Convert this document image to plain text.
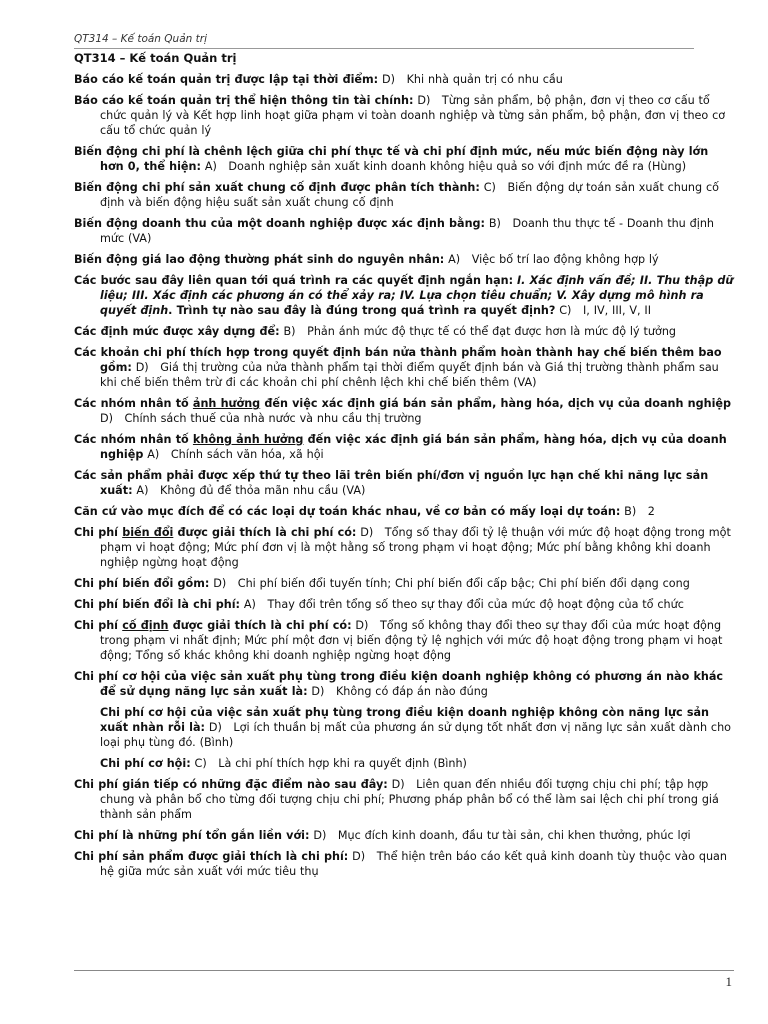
QT314 – Kế toán Quản trị
QT314 – Kế toán Quản trị

Báo cáo kế toán quản trị được lập tại thời điểm: D)   Khi nhà quản trị có nhu cầu

Báo cáo kế toán quản trị thể hiện thông tin tài chính: D)   Từng sản phẩm, bộ phận, đơn vị theo cơ cấu tổ chức quản lý và Kết hợp linh hoạt giữa phạm vi toàn doanh nghiệp và từng sản phẩm, bộ phận, đơn vị theo cơ cấu tổ chức quản lý

Biến động chi phí là chênh lệch giữa chi phí thực tế và chi phí định mức, nếu mức biến động này lớn hơn 0, thể hiện: A)   Doanh nghiệp sản xuất kinh doanh không hiệu quả so với định mức đề ra (Hùng)

Biến động chi phí sản xuất chung cố định được phân tích thành: C)   Biến động dự toán sản xuất chung cố định và biến động hiệu suất sản xuất chung cố định

Biến động doanh thu của một doanh nghiệp được xác định bằng: B)   Doanh thu thực tế - Doanh thu định mức (VA)

Biến động giá lao động thường phát sinh do nguyên nhân: A)   Việc bố trí lao động không hợp lý

Các bước sau đây liên quan tới quá trình ra các quyết định ngắn hạn: I. Xác định vấn đề; II. Thu thập dữ liệu; III. Xác định các phương án có thể xảy ra; IV. Lựa chọn tiêu chuẩn; V. Xây dựng mô hình ra quyết định. Trình tự nào sau đây là đúng trong quá trình ra quyết định? C)   I, IV, III, V, II

Các định mức được xây dựng để: B)   Phản ánh mức độ thực tế có thể đạt được hơn là mức độ lý tưởng

Các khoản chi phí thích hợp trong quyết định bán nửa thành phẩm hoàn thành hay chế biến thêm bao gồm: D)   Giá thị trường của nửa thành phẩm tại thời điểm quyết định bán và Giá thị trường thành phẩm sau khi chế biến thêm trừ đi các khoản chi phí chênh lệch khi chế biến thêm (VA)

Các nhóm nhân tố ảnh hưởng đến việc xác định giá bán sản phẩm, hàng hóa, dịch vụ của doanh nghiệp D)   Chính sách thuế của nhà nước và nhu cầu thị trường

Các nhóm nhân tố không ảnh hưởng đến việc xác định giá bán sản phẩm, hàng hóa, dịch vụ của doanh nghiệp A)   Chính sách văn hóa, xã hội

Các sản phẩm phải được xếp thứ tự theo lãi trên biến phí/đơn vị nguồn lực hạn chế khi năng lực sản xuất: A)   Không đủ để thỏa mãn nhu cầu (VA)

Căn cứ vào mục đích để có các loại dự toán khác nhau, về cơ bản có mấy loại dự toán: B)   2

Chi phí biến đổi được giải thích là chi phí có: D)   Tổng số thay đổi tỷ lệ thuận với mức độ hoạt động trong một phạm vi hoạt động; Mức phí đơn vị là một hằng số trong phạm vi hoạt động; Mức phí bằng không khi doanh nghiệp ngừng hoạt động

Chi phí biến đổi gồm: D)   Chi phí biến đổi tuyến tính; Chi phí biến đổi cấp bậc; Chi phí biến đổi dạng cong

Chi phí biến đổi là chi phí: A)   Thay đổi trên tổng số theo sự thay đổi của mức độ hoạt động của tổ chức

Chi phí cố định được giải thích là chi phí có: D)   Tổng số không thay đổi theo sự thay đổi của mức hoạt động trong phạm vi nhất định; Mức phí một đơn vị biến động tỷ lệ nghịch với mức độ hoạt động trong phạm vi hoạt động; Tổng số khác không khi doanh nghiệp ngừng hoạt động

Chi phí cơ hội của việc sản xuất phụ tùng trong điều kiện doanh nghiệp không có phương án nào khác để sử dụng năng lực sản xuất là: D)   Không có đáp án nào đúng

Chi phí cơ hội của việc sản xuất phụ tùng trong điều kiện doanh nghiệp không còn năng lực sản xuất nhàn rỗi là: D)   Lợi ích thuần bị mất của phương án sử dụng tốt nhất đơn vị năng lực sản xuất dành cho loại phụ tùng đó. (Bình)

Chi phí cơ hội: C)   Là chi phí thích hợp khi ra quyết định (Bình)

Chi phí gián tiếp có những đặc điểm nào sau đây: D)   Liên quan đến nhiều đối tượng chịu chi phí; tập hợp chung và phân bổ cho từng đối tượng chịu chi phí; Phương pháp phân bổ có thể làm sai lệch chi phí trong giá thành sản phẩm

Chi phí là những phí tổn gắn liền với: D)   Mục đích kinh doanh, đầu tư tài sản, chi khen thưởng, phúc lợi

Chi phí sản phẩm được giải thích là chi phí: D)   Thể hiện trên báo cáo kết quả kinh doanh tùy thuộc vào quan hệ giữa mức sản xuất với mức tiêu thụ

1
